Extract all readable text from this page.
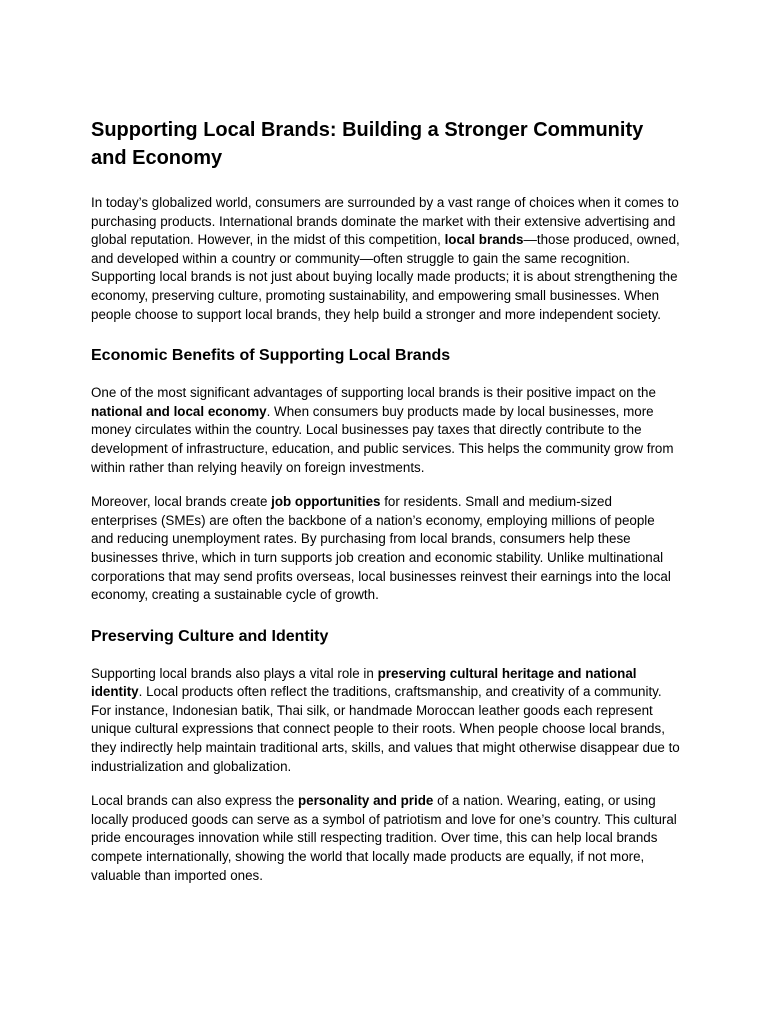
Supporting Local Brands: Building a Stronger Community and Economy

In today’s globalized world, consumers are surrounded by a vast range of choices when it comes to purchasing products. International brands dominate the market with their extensive advertising and global reputation. However, in the midst of this competition, local brands—those produced, owned, and developed within a country or community—often struggle to gain the same recognition. Supporting local brands is not just about buying locally made products; it is about strengthening the economy, preserving culture, promoting sustainability, and empowering small businesses. When people choose to support local brands, they help build a stronger and more independent society.

Economic Benefits of Supporting Local Brands

One of the most significant advantages of supporting local brands is their positive impact on the national and local economy. When consumers buy products made by local businesses, more money circulates within the country. Local businesses pay taxes that directly contribute to the development of infrastructure, education, and public services. This helps the community grow from within rather than relying heavily on foreign investments.

Moreover, local brands create job opportunities for residents. Small and medium-sized enterprises (SMEs) are often the backbone of a nation’s economy, employing millions of people and reducing unemployment rates. By purchasing from local brands, consumers help these businesses thrive, which in turn supports job creation and economic stability. Unlike multinational corporations that may send profits overseas, local businesses reinvest their earnings into the local economy, creating a sustainable cycle of growth.

Preserving Culture and Identity

Supporting local brands also plays a vital role in preserving cultural heritage and national identity. Local products often reflect the traditions, craftsmanship, and creativity of a community. For instance, Indonesian batik, Thai silk, or handmade Moroccan leather goods each represent unique cultural expressions that connect people to their roots. When people choose local brands, they indirectly help maintain traditional arts, skills, and values that might otherwise disappear due to industrialization and globalization.

Local brands can also express the personality and pride of a nation. Wearing, eating, or using locally produced goods can serve as a symbol of patriotism and love for one’s country. This cultural pride encourages innovation while still respecting tradition. Over time, this can help local brands compete internationally, showing the world that locally made products are equally, if not more, valuable than imported ones.
